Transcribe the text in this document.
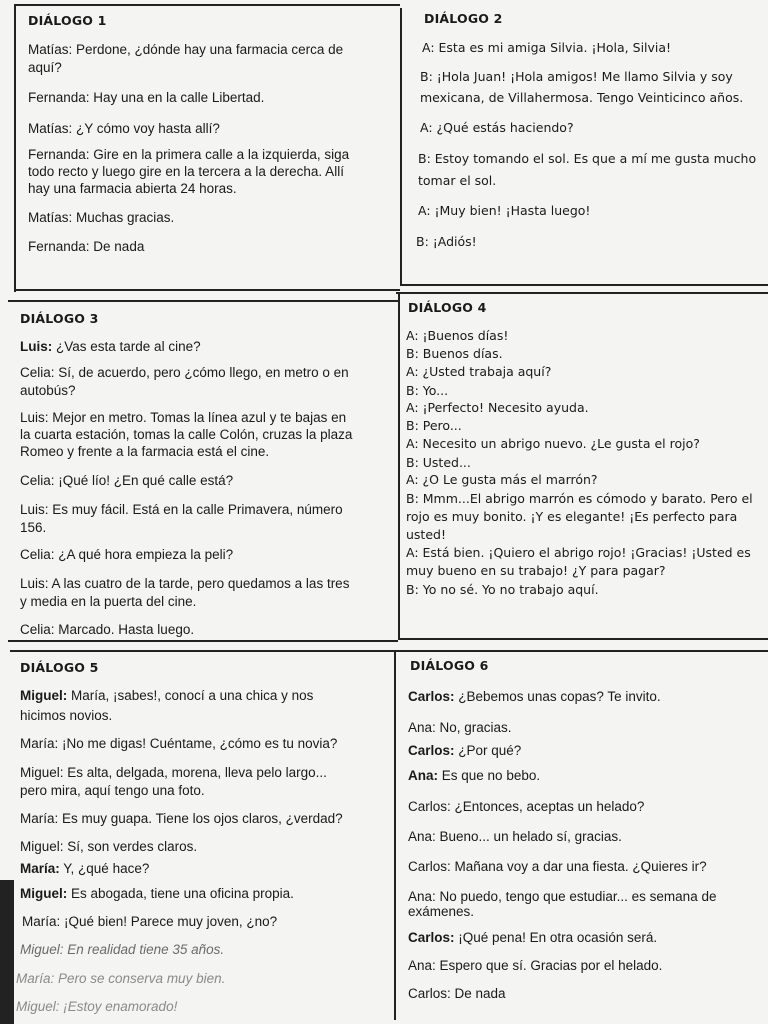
DIÁLOGO 1
Matías: Perdone, ¿dónde hay una farmacia cerca de
aquí?
Fernanda: Hay una en la calle Libertad.
Matías: ¿Y cómo voy hasta allí?
Fernanda: Gire en la primera calle a la izquierda, siga
todo recto y luego gire en la tercera a la derecha. Allí
hay una farmacia abierta 24 horas.
Matías: Muchas gracias.
Fernanda: De nada
DIÁLOGO 2
A: Esta es mi amiga Silvia. ¡Hola, Silvia!
B: ¡Hola Juan! ¡Hola amigos! Me llamo Silvia y soy
mexicana, de Villahermosa. Tengo Veinticinco años.
A: ¿Qué estás haciendo?
B: Estoy tomando el sol. Es que a mí me gusta mucho
tomar el sol.
A: ¡Muy bien! ¡Hasta luego!
B: ¡Adiós!
DIÁLOGO 3
Luis: ¿Vas esta tarde al cine?
Celia: Sí, de acuerdo, pero ¿cómo llego, en metro o en
autobús?
Luis: Mejor en metro. Tomas la línea azul y te bajas en
la cuarta estación, tomas la calle Colón, cruzas la plaza
Romeo y frente a la farmacia está el cine.
Celia: ¡Qué lío! ¿En qué calle está?
Luis: Es muy fácil. Está en la calle Primavera, número
156.
Celia: ¿A qué hora empieza la peli?
Luis: A las cuatro de la tarde, pero quedamos a las tres
y media en la puerta del cine.
Celia: Marcado. Hasta luego.
DIÁLOGO 4
A: ¡Buenos días!
B: Buenos días.
A: ¿Usted trabaja aquí?
B: Yo...
A: ¡Perfecto! Necesito ayuda.
B: Pero...
A: Necesito un abrigo nuevo. ¿Le gusta el rojo?
B: Usted...
A: ¿O Le gusta más el marrón?
B: Mmm...El abrigo marrón es cómodo y barato. Pero el
rojo es muy bonito. ¡Y es elegante! ¡Es perfecto para
usted!
A: Está bien. ¡Quiero el abrigo rojo! ¡Gracias! ¡Usted es
muy bueno en su trabajo! ¿Y para pagar?
B: Yo no sé. Yo no trabajo aquí.
DIÁLOGO 5
Miguel: María, ¡sabes!, conocí a una chica y nos
hicimos novios.
María: ¡No me digas! Cuéntame, ¿cómo es tu novia?
Miguel: Es alta, delgada, morena, lleva pelo largo...
pero mira, aquí tengo una foto.
María: Es muy guapa. Tiene los ojos claros, ¿verdad?
Miguel: Sí, son verdes claros.
María: Y, ¿qué hace?
Miguel: Es abogada, tiene una oficina propia.
María: ¡Qué bien! Parece muy joven, ¿no?
Miguel: En realidad tiene 35 años.
María: Pero se conserva muy bien.
Miguel: ¡Estoy enamorado!
DIÁLOGO 6
Carlos: ¿Bebemos unas copas? Te invito.
Ana: No, gracias.
Carlos: ¿Por qué?
Ana: Es que no bebo.
Carlos: ¿Entonces, aceptas un helado?
Ana: Bueno... un helado sí, gracias.
Carlos: Mañana voy a dar una fiesta. ¿Quieres ir?
Ana: No puedo, tengo que estudiar... es semana de
exámenes.
Carlos: ¡Qué pena! En otra ocasión será.
Ana: Espero que sí. Gracias por el helado.
Carlos: De nada
